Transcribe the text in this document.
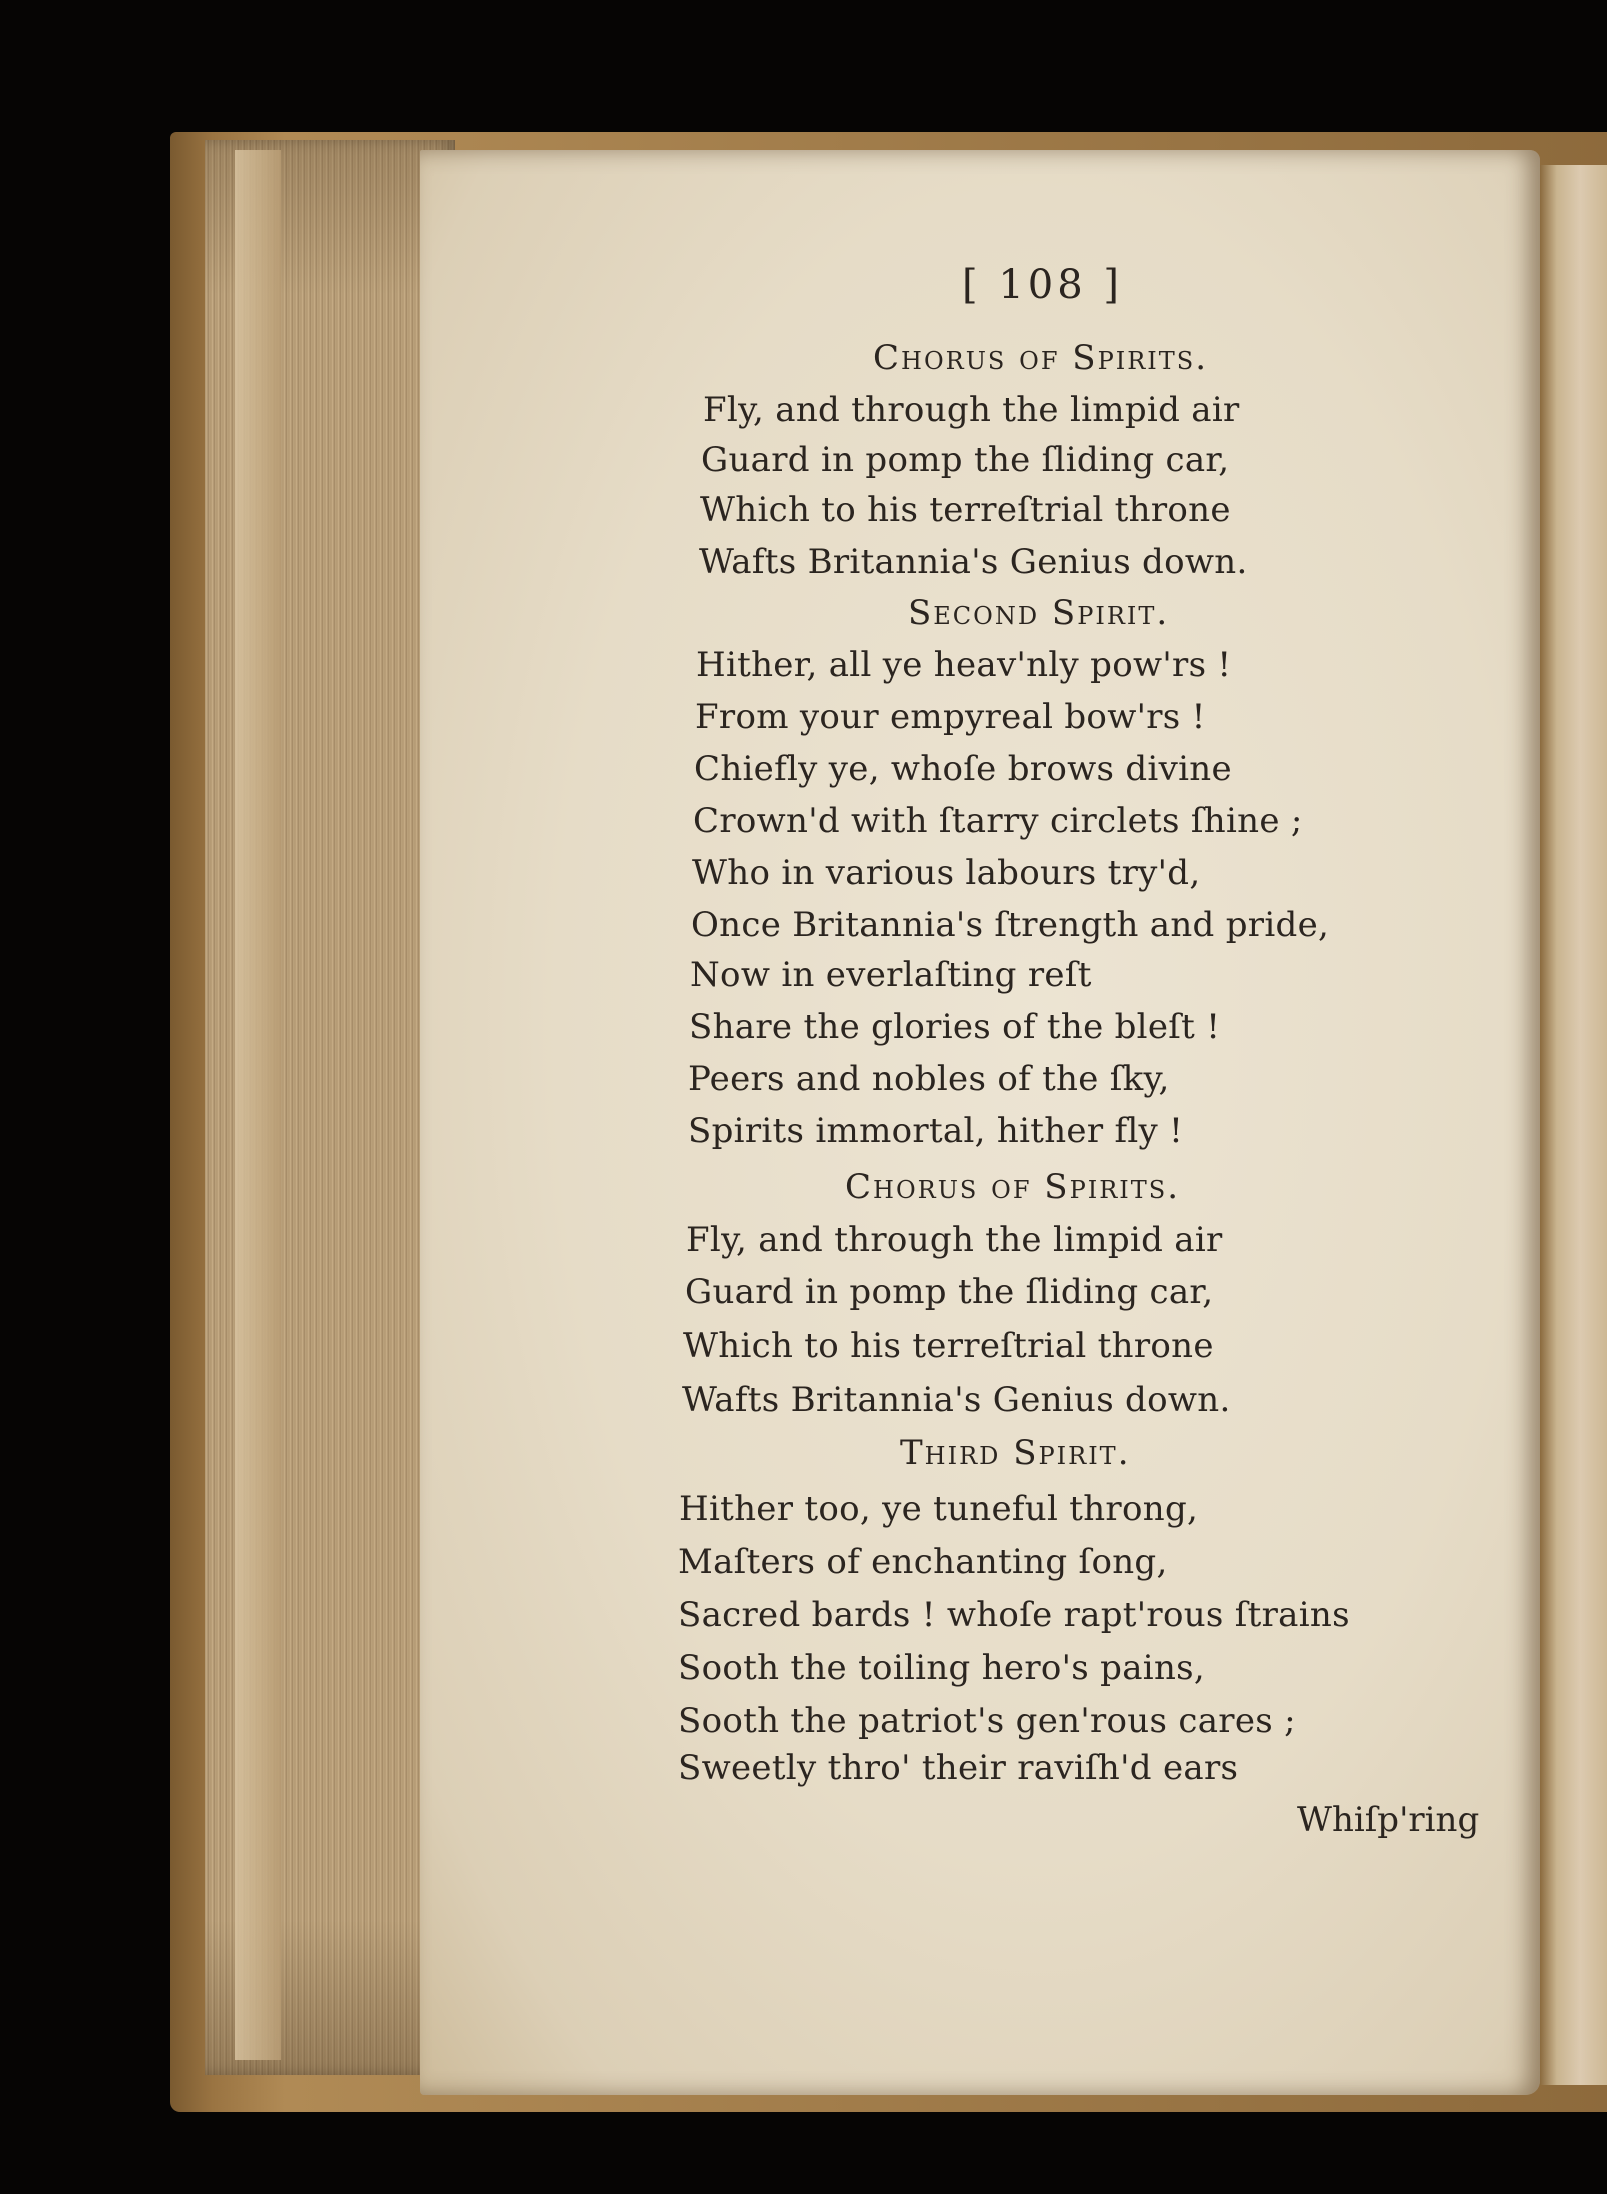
[ 108 ]
Chorus of Spirits.
Fly, and through the limpid air
Guard in pomp the ſliding car,
Which to his terreſtrial throne
Wafts Britannia's Genius down.
Second Spirit.
Hither, all ye heav'nly pow'rs !
From your empyreal bow'rs !
Chiefly ye, whoſe brows divine
Crown'd with ſtarry circlets ſhine ;
Who in various labours try'd,
Once Britannia's ſtrength and pride,
Now in everlaſting reſt
Share the glories of the bleſt !
Peers and nobles of the ſky,
Spirits immortal, hither fly !
Chorus of Spirits.
Fly, and through the limpid air
Guard in pomp the ſliding car,
Which to his terreſtrial throne
Wafts Britannia's Genius down.
Third Spirit.
Hither too, ye tuneful throng,
Maſters of enchanting ſong,
Sacred bards ! whoſe rapt'rous ſtrains
Sooth the toiling hero's pains,
Sooth the patriot's gen'rous cares ;
Sweetly thro' their raviſh'd ears
Whiſp'ring
